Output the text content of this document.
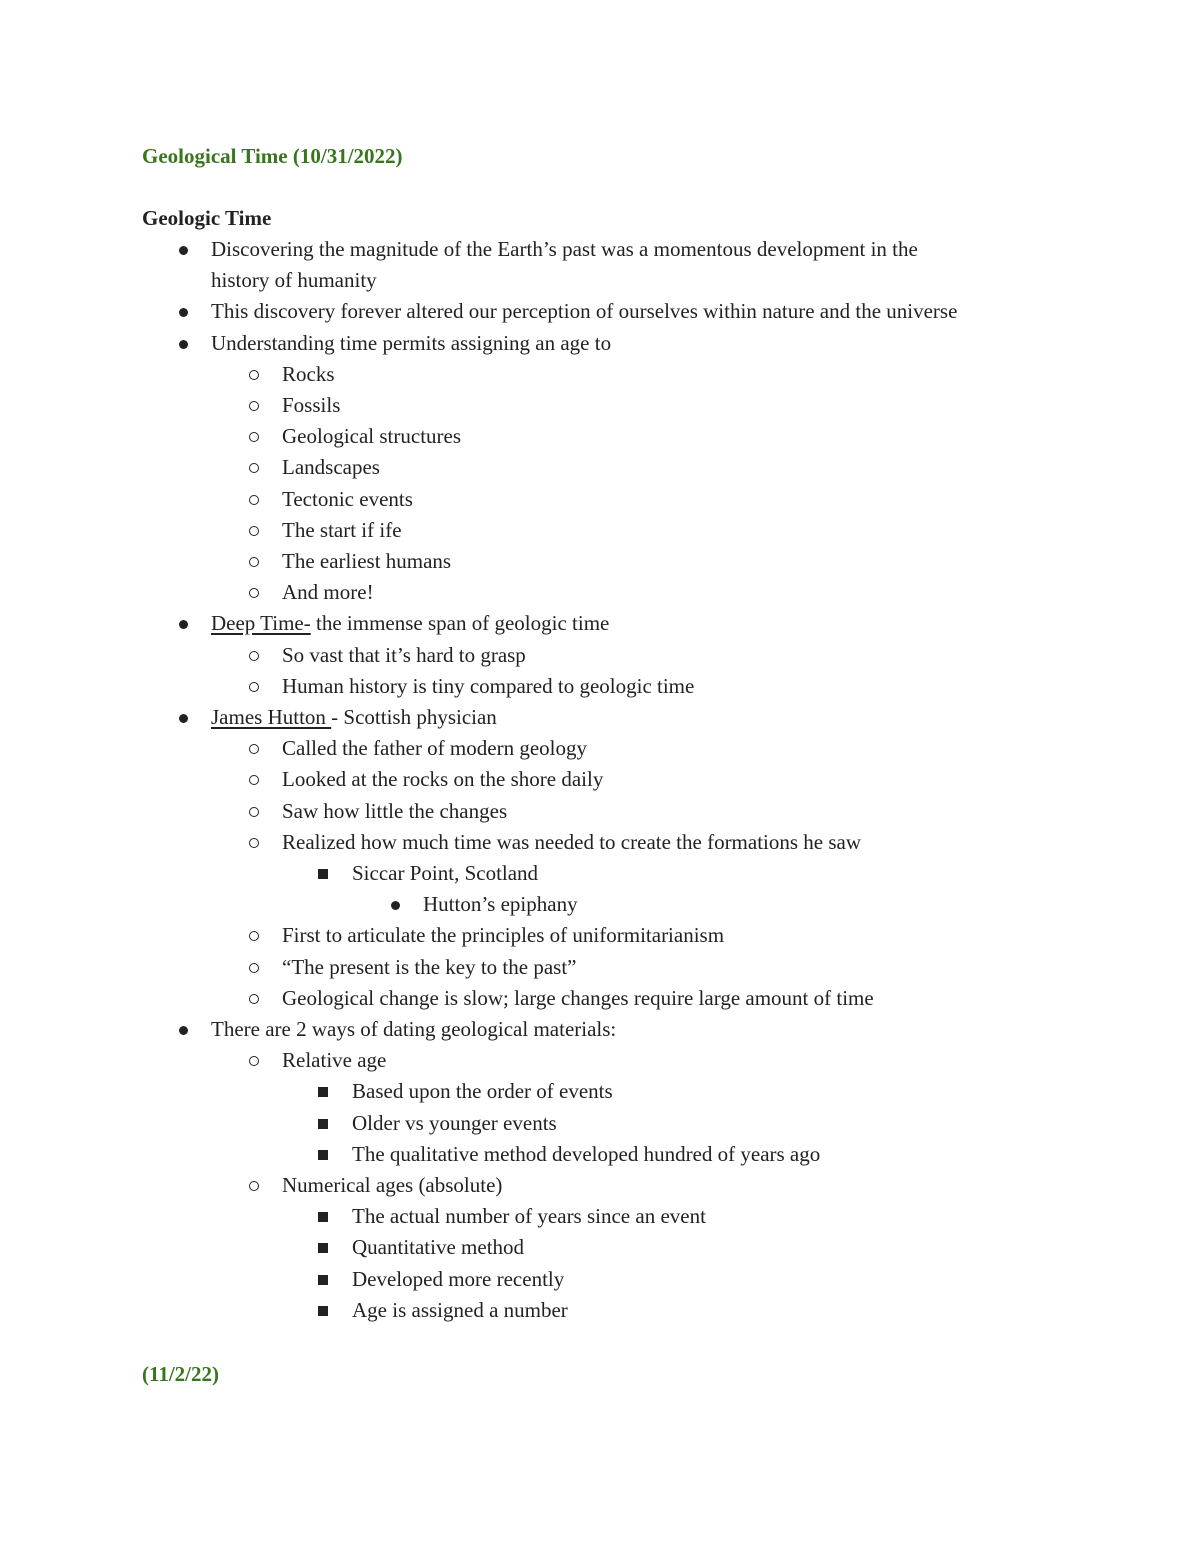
Geological Time (10/31/2022)
Geologic Time
Discovering the magnitude of the Earth’s past was a momentous development in the
history of humanity
This discovery forever altered our perception of ourselves within nature and the universe
Understanding time permits assigning an age to
Rocks
Fossils
Geological structures
Landscapes
Tectonic events
The start if ife
The earliest humans
And more!
Deep Time- the immense span of geologic time
So vast that it’s hard to grasp
Human history is tiny compared to geologic time
James Hutton - Scottish physician
Called the father of modern geology
Looked at the rocks on the shore daily
Saw how little the changes
Realized how much time was needed to create the formations he saw
Siccar Point, Scotland
Hutton’s epiphany
First to articulate the principles of uniformitarianism
“The present is the key to the past”
Geological change is slow; large changes require large amount of time
There are 2 ways of dating geological materials:
Relative age
Based upon the order of events
Older vs younger events
The qualitative method developed hundred of years ago
Numerical ages (absolute)
The actual number of years since an event
Quantitative method
Developed more recently
Age is assigned a number
(11/2/22)
